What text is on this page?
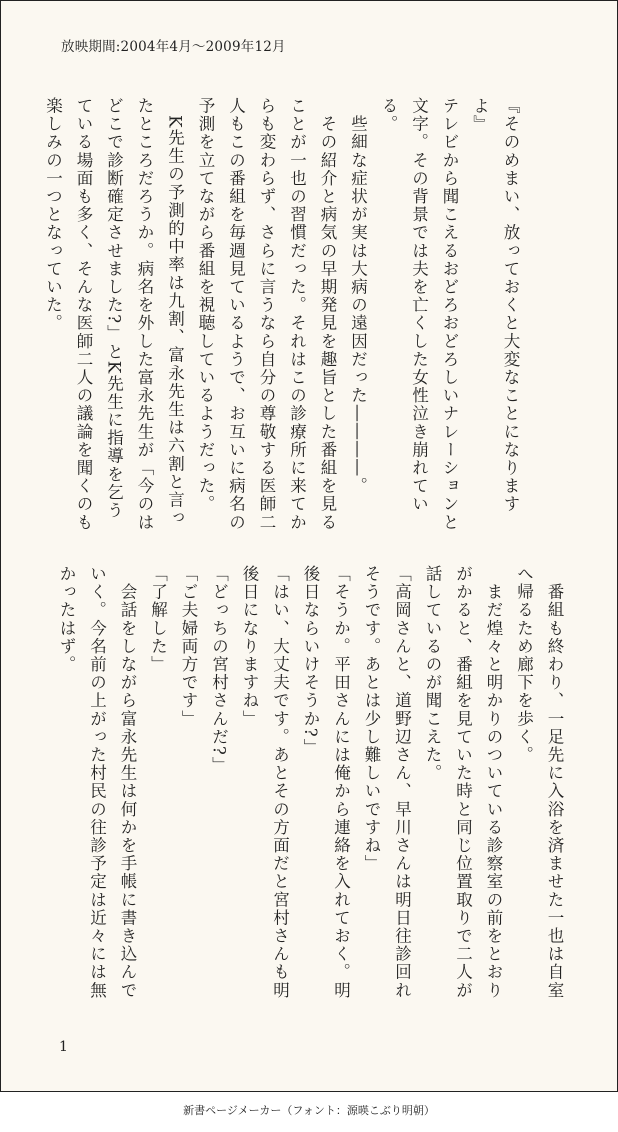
放映期間:2004年4月〜2009年12月

『そのめまい、放っておくと大変なことになりますよ』

テレビから聞こえるおどろおどろしいナレーションと文字。その背景では夫を亡くした女性泣き崩れている。

　些細な症状が実は大病の遠因だった――――。

　その紹介と病気の早期発見を趣旨とした番組を見ることが一也の習慣だった。それはこの診療所に来てからも変わらず、さらに言うなら自分の尊敬する医師二人もこの番組を毎週見ているようで、お互いに病名の予測を立てながら番組を視聴しているようだった。

　K先生の予測的中率は九割、富永先生は六割と言ったところだろうか。病名を外した富永先生が「今のはどこで診断確定させました?」とK先生に指導を乞うている場面も多く、そんな医師二人の議論を聞くのも楽しみの一つとなっていた。

　番組も終わり、一足先に入浴を済ませた一也は自室へ帰るため廊下を歩く。

　まだ煌々と明かりのついている診察室の前をとおりがかると、番組を見ていた時と同じ位置取りで二人が話しているのが聞こえた。

「高岡さんと、道野辺さん、早川さんは明日往診回れそうです。あとは少し難しいですね」

「そうか。平田さんには俺から連絡を入れておく。明後日ならいけそうか?」

「はい、大丈夫です。あとその方面だと宮村さんも明後日になりますね」

「どっちの宮村さんだ?」

「ご夫婦両方です」

「了解した」

　会話をしながら富永先生は何かを手帳に書き込んでいく。今名前の上がった村民の往診予定は近々には無かったはず。

1
新書ページメーカー（フォント：源暎こぶり明朝）
